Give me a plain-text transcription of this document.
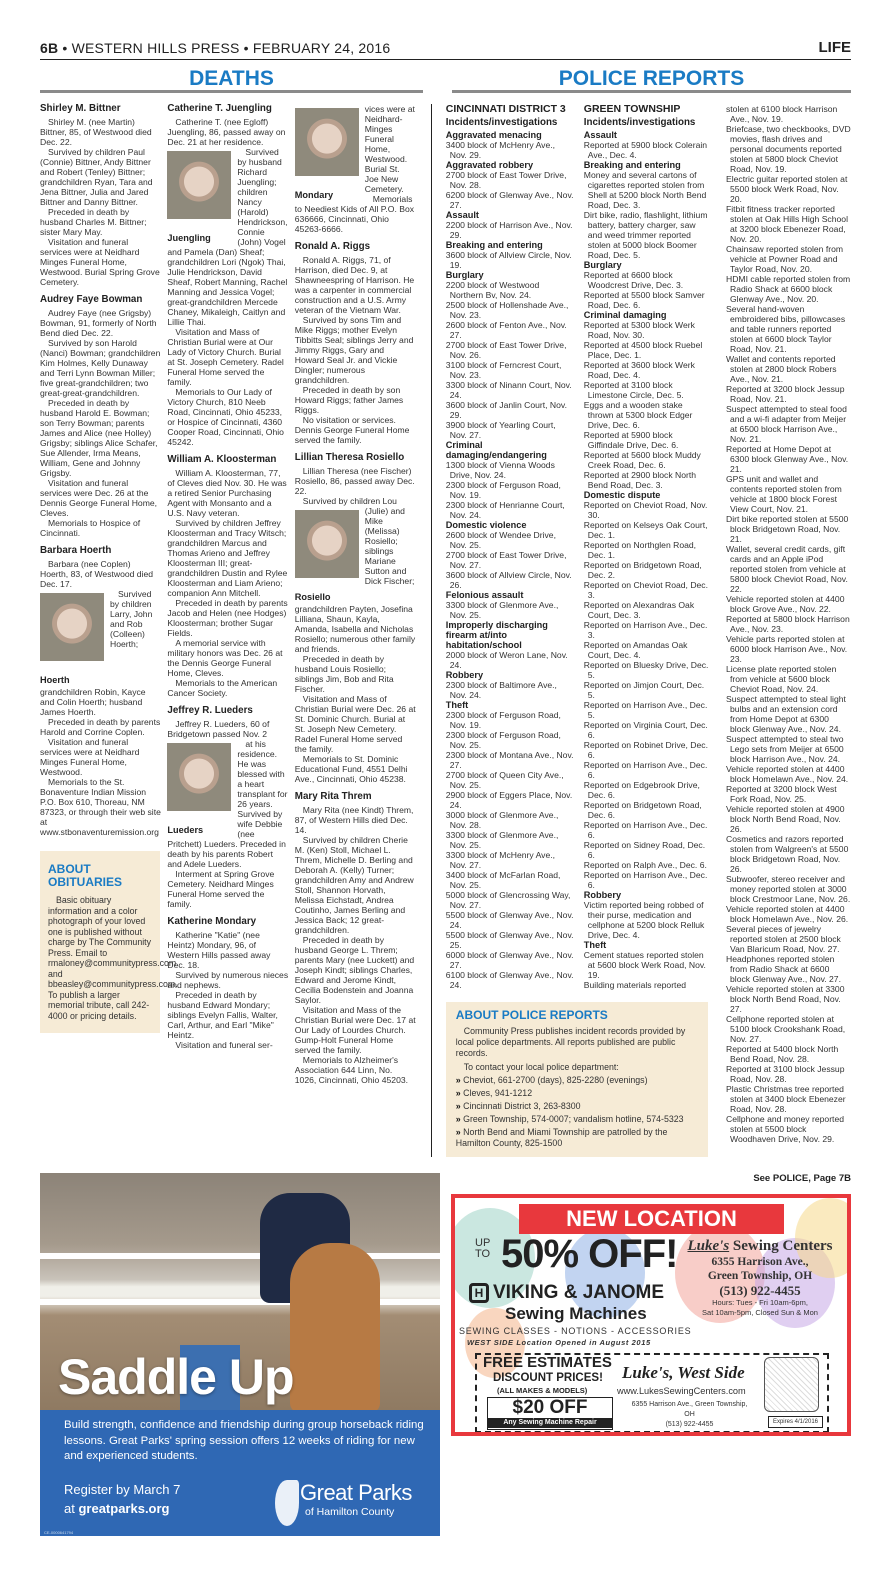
6B • WESTERN HILLS PRESS • FEBRUARY 24, 2016	LIFE
DEATHS	POLICE REPORTS
Shirley M. Bittner
Shirley M. (nee Martin) Bittner, 85, of Westwood died Dec. 22.
Survived by children Paul (Connie) Bittner, Andy Bittner and Robert (Tenley) Bittner; grandchildren Ryan, Tara and Jena Bittner, Julia and Jared Bittner and Danny Bittner.
Preceded in death by husband Charles M. Bittner; sister Mary May.
Visitation and funeral services were at Neidhard Minges Funeral Home, Westwood. Burial Spring Grove Cemetery.
Audrey Faye Bowman
Audrey Faye (nee Grigsby) Bowman, 91, formerly of North Bend died Dec. 22.
Survived by son Harold (Nanci) Bowman; grandchildren Kim Holmes, Kelly Dunaway and Terri Lynn Bowman Miller; five great-grandchildren; two great-great-grandchildren.
Preceded in death by husband Harold E. Bowman; son Terry Bowman; parents James and Alice (nee Holley) Grigsby; siblings Alice Schafer, Sue Allender, Irma Means, William, Gene and Johnny Grigsby.
Visitation and funeral services were Dec. 26 at the Dennis George Funeral Home, Cleves.
Memorials to Hospice of Cincinnati.
Barbara Hoerth
Barbara (nee Coplen) Hoerth, 83, of Westwood died Dec. 17.
Hoerth
Survived by children Larry, John and Rob (Colleen) Hoerth; grandchildren Robin, Kayce and Colin Hoerth; husband James Hoerth.
Preceded in death by parents Harold and Corrine Coplen.
Visitation and funeral services were at Neidhard Minges Funeral Home, Westwood.
Memorials to the St. Bonaventure Indian Mission P.O. Box 610, Thoreau, NM 87323, or through their web site at www.stbonaventuremission.org
ABOUT OBITUARIES
Basic obituary information and a color photograph of your loved one is published without charge by The Community Press. Email to rmaloney@communitypress.com and bbeasley@communitypress.com. To publish a larger memorial tribute, call 242-4000 or pricing details.
Catherine T. Juengling
Catherine T. (nee Egloff) Juengling, 86, passed away on Dec. 21 at her residence.
Juengling
Survived by husband Richard Juengling; children Nancy (Harold) Hendrickson, Connie (John) Vogel and Pamela (Dan) Sheaf; grandchildren Lori (Ngok) Thai, Julie Hendrickson, David Sheaf, Robert Manning, Rachel Manning and Jessica Vogel; great-grandchildren Mercede Chaney, Mikaleigh, Caitlyn and Lillie Thai.
Visitation and Mass of Christian Burial were at Our Lady of Victory Church. Burial at St. Joseph Cemetery. Radel Funeral Home served the family.
Memorials to Our Lady of Victory Church, 810 Neeb Road, Cincinnati, Ohio 45233, or Hospice of Cincinnati, 4360 Cooper Road, Cincinnati, Ohio 45242.
William A. Kloosterman
William A. Kloosterman, 77, of Cleves died Nov. 30. He was a retired Senior Purchasing Agent with Monsanto and a U.S. Navy veteran.
Survived by children Jeffrey Kloosterman and Tracy Witsch; grandchildren Marcus and Thomas Arieno and Jeffrey Kloosterman III; great-grandchildren Dustin and Rylee Kloosterman and Liam Arieno; companion Ann Mitchell.
Preceded in death by parents Jacob and Helen (nee Hodges) Kloosterman; brother Sugar Fields.
A memorial service with military honors was Dec. 26 at the Dennis George Funeral Home, Cleves.
Memorials to the American Cancer Society.
Jeffrey R. Lueders
Jeffrey R. Lueders, 60 of Bridgetown passed Nov. 2
Lueders
at his residence. He was blessed with a heart transplant for 26 years. Survived by wife Debbie (nee Pritchett) Lueders. Preceded in death by his parents Robert and Adele Lueders.
Interment at Spring Grove Cemetery. Neidhard Minges Funeral Home served the family.
Katherine Mondary
Katherine "Katie" (nee Heintz) Mondary, 96, of Western Hills passed away Dec. 18.
Survived by numerous nieces and nephews.
Preceded in death by husband Edward Mondary; siblings Evelyn Fallis, Walter, Carl, Arthur, and Earl "Mike" Heintz.
Visitation and funeral ser-
Mondary
vices were at Neidhard-Minges Funeral Home, Westwood. Burial St. Joe New Cemetery.
Memorials to Neediest Kids of All P.O. Box 636666, Cincinnati, Ohio 45263-6666.
Ronald A. Riggs
Ronald A. Riggs, 71, of Harrison, died Dec. 9, at Shawneespring of Harrison. He was a carpenter in commercial construction and a U.S. Army veteran of the Vietnam War.
Survived by sons Tim and Mike Riggs; mother Evelyn Tibbitts Seal; siblings Jerry and Jimmy Riggs, Gary and Howard Seal Jr. and Vickie Dingler; numerous grandchildren.
Preceded in death by son Howard Riggs; father James Riggs.
No visitation or services. Dennis George Funeral Home served the family.
Lillian Theresa Rosiello
Lillian Theresa (nee Fischer) Rosiello, 86, passed away Dec. 22.
Survived by children Lou
Rosiello
(Julie) and Mike (Melissa) Rosiello; siblings Mariane Sutton and Dick Fischer; grandchildren Payten, Josefina Lilliana, Shaun, Kayla, Amanda, Isabella and Nicholas Rosiello; numerous other family and friends.
Preceded in death by husband Louis Rosiello; siblings Jim, Bob and Rita Fischer.
Visitation and Mass of Christian Burial were Dec. 26 at St. Dominic Church. Burial at St. Joseph New Cemetery. Radel Funeral Home served the family.
Memorials to St. Dominic Educational Fund, 4551 Delhi Ave., Cincinnati, Ohio 45238.
Mary Rita Threm
Mary Rita (nee Kindt) Threm, 87, of Western Hills died Dec. 14.
Survived by children Cherie M. (Ken) Stoll, Michael L. Threm, Michelle D. Berling and Deborah A. (Kelly) Turner; grandchildren Amy and Andrew Stoll, Shannon Horvath, Melissa Eichstadt, Andrea Coutinho, James Berling and Jessica Back; 12 great-grandchildren.
Preceded in death by husband George L. Threm; parents Mary (nee Luckett) and Joseph Kindt; siblings Charles, Edward and Jerome Kindt, Cecilia Bodenstein and Joanna Saylor.
Visitation and Mass of the Christian Burial were Dec. 17 at Our Lady of Lourdes Church. Gump-Holt Funeral Home served the family.
Memorials to Alzheimer's Association 644 Linn, No. 1026, Cincinnati, Ohio 45203.
CINCINNATI DISTRICT 3
Incidents/investigations
Aggravated menacing
3400 block of McHenry Ave., Nov. 29.
Aggravated robbery
2700 block of East Tower Drive, Nov. 28.
6200 block of Glenway Ave., Nov. 27.
Assault
2200 block of Harrison Ave., Nov. 29.
Breaking and entering
3600 block of Allview Circle, Nov. 19.
Burglary
2200 block of Westwood Northern Bv, Nov. 24.
2500 block of Hollenshade Ave., Nov. 23.
2600 block of Fenton Ave., Nov. 27.
2700 block of East Tower Drive, Nov. 26.
3100 block of Ferncrest Court, Nov. 23.
3300 block of Ninann Court, Nov. 24.
3600 block of Janlin Court, Nov. 29.
3900 block of Yearling Court, Nov. 27.
Criminal damaging/endangering
1300 block of Vienna Woods Drive, Nov. 24.
2300 block of Ferguson Road, Nov. 19.
2300 block of Henrianne Court, Nov. 24.
Domestic violence
2600 block of Wendee Drive, Nov. 25.
2700 block of East Tower Drive, Nov. 27.
3600 block of Allview Circle, Nov. 26.
Felonious assault
3300 block of Glenmore Ave., Nov. 25.
Improperly discharging firearm at/into habitation/school
2000 block of Weron Lane, Nov. 24.
Robbery
2300 block of Baltimore Ave., Nov. 24.
Theft
2300 block of Ferguson Road, Nov. 19.
2300 block of Ferguson Road, Nov. 25.
2300 block of Montana Ave., Nov. 27.
2700 block of Queen City Ave., Nov. 25.
2900 block of Eggers Place, Nov. 24.
3000 block of Glenmore Ave., Nov. 28.
3300 block of Glenmore Ave., Nov. 25.
3300 block of McHenry Ave., Nov. 27.
3400 block of McFarlan Road, Nov. 25.
5000 block of Glencrossing Way, Nov. 27.
5500 block of Glenway Ave., Nov. 24.
5500 block of Glenway Ave., Nov. 25.
6000 block of Glenway Ave., Nov. 27.
6100 block of Glenway Ave., Nov. 24.
GREEN TOWNSHIP
Incidents/investigations
Assault
Reported at 5900 block Colerain Ave., Dec. 4.
Breaking and entering
Money and several cartons of cigarettes reported stolen from Shell at 5200 block North Bend Road, Dec. 3.
Dirt bike, radio, flashlight, lithium battery, battery charger, saw and weed trimmer reported stolen at 5000 block Boomer Road, Dec. 5.
Burglary
Reported at 6600 block Woodcrest Drive, Dec. 3.
Reported at 5500 block Samver Road, Dec. 6.
Criminal damaging
Reported at 5300 block Werk Road, Nov. 30.
Reported at 4500 block Ruebel Place, Dec. 1.
Reported at 3600 block Werk Road, Dec. 4.
Reported at 3100 block Limestone Circle, Dec. 5.
Eggs and a wooden stake thrown at 5300 block Edger Drive, Dec. 6.
Reported at 5900 block Giffindale Drive, Dec. 6.
Reported at 5600 block Muddy Creek Road, Dec. 6.
Reported at 2900 block North Bend Road, Dec. 3.
Domestic dispute
Reported on Cheviot Road, Nov. 30.
Reported on Kelseys Oak Court, Dec. 1.
Reported on Northglen Road, Dec. 1.
Reported on Bridgetown Road, Dec. 2.
Reported on Cheviot Road, Dec. 3.
Reported on Alexandras Oak Court, Dec. 3.
Reported on Harrison Ave., Dec. 3.
Reported on Amandas Oak Court, Dec. 4.
Reported on Bluesky Drive, Dec. 5.
Reported on Jimjon Court, Dec. 5.
Reported on Harrison Ave., Dec. 5.
Reported on Virginia Court, Dec. 6.
Reported on Robinet Drive, Dec. 6.
Reported on Harrison Ave., Dec. 6.
Reported on Edgebrook Drive, Dec. 6.
Reported on Bridgetown Road, Dec. 6.
Reported on Harrison Ave., Dec. 6.
Reported on Sidney Road, Dec. 6.
Reported on Ralph Ave., Dec. 6.
Reported on Harrison Ave., Dec. 6.
Robbery
Victim reported being robbed of their purse, medication and cellphone at 5200 block Relluk Drive, Dec. 4.
Theft
Cement statues reported stolen at 5600 block Werk Road, Nov. 19.
Building materials reported
ABOUT POLICE REPORTS
Community Press publishes incident records provided by local police departments. All reports published are public records.
To contact your local police department:
» Cheviot, 661-2700 (days), 825-2280 (evenings)
» Cleves, 941-1212
» Cincinnati District 3, 263-8300
» Green Township, 574-0007; vandalism hotline, 574-5323
» North Bend and Miami Township are patrolled by the Hamilton County, 825-1500
stolen at 6100 block Harrison Ave., Nov. 19.
Briefcase, two checkbooks, DVD movies, flash drives and personal documents reported stolen at 5800 block Cheviot Road, Nov. 19.
Electric guitar reported stolen at 5500 block Werk Road, Nov. 20.
Fitbit fitness tracker reported stolen at Oak Hills High School at 3200 block Ebenezer Road, Nov. 20.
Chainsaw reported stolen from vehicle at Powner Road and Taylor Road, Nov. 20.
HDMI cable reported stolen from Radio Shack at 6600 block Glenway Ave., Nov. 20.
Several hand-woven embroidered bibs, pillowcases and table runners reported stolen at 6600 block Taylor Road, Nov. 21.
Wallet and contents reported stolen at 2800 block Robers Ave., Nov. 21.
Reported at 3200 block Jessup Road, Nov. 21.
Suspect attempted to steal food and a wi-fi adapter from Meijer at 6500 block Harrison Ave., Nov. 21.
Reported at Home Depot at 6300 block Glenway Ave., Nov. 21.
GPS unit and wallet and contents reported stolen from vehicle at 1800 block Forest View Court, Nov. 21.
Dirt bike reported stolen at 5500 block Bridgetown Road, Nov. 21.
Wallet, several credit cards, gift cards and an Apple iPod reported stolen from vehicle at 5800 block Cheviot Road, Nov. 22.
Vehicle reported stolen at 4400 block Grove Ave., Nov. 22.
Reported at 5800 block Harrison Ave., Nov. 23.
Vehicle parts reported stolen at 6000 block Harrison Ave., Nov. 23.
License plate reported stolen from vehicle at 5600 block Cheviot Road, Nov. 24.
Suspect attempted to steal light bulbs and an extension cord from Home Depot at 6300 block Glenway Ave., Nov. 24.
Suspect attempted to steal two Lego sets from Meijer at 6500 block Harrison Ave., Nov. 24.
Vehicle reported stolen at 4400 block Homelawn Ave., Nov. 24.
Reported at 3200 block West Fork Road, Nov. 25.
Vehicle reported stolen at 4900 block North Bend Road, Nov. 26.
Cosmetics and razors reported stolen from Walgreen's at 5500 block Bridgetown Road, Nov. 26.
Subwoofer, stereo receiver and money reported stolen at 3000 block Crestmoor Lane, Nov. 26.
Vehicle reported stolen at 4400 block Homelawn Ave., Nov. 26.
Several pieces of jewelry reported stolen at 2500 block Van Blaricum Road, Nov. 27.
Headphones reported stolen from Radio Shack at 6600 block Glenway Ave., Nov. 27.
Vehicle reported stolen at 3300 block North Bend Road, Nov. 27.
Cellphone reported stolen at 5100 block Crookshank Road, Nov. 27.
Reported at 5400 block North Bend Road, Nov. 28.
Reported at 3100 block Jessup Road, Nov. 28.
Plastic Christmas tree reported stolen at 3400 block Ebenezer Road, Nov. 28.
Cellphone and money reported stolen at 5500 block Woodhaven Drive, Nov. 29.
Saddle Up
Build strength, confidence and friendship during group horseback riding lessons. Great Parks' spring session offers 12 weeks of riding for new and experienced students.
Register by March 7
at greatparks.org
Great Parks
of Hamilton County
CE-0000641794
See POLICE, Page 7B
NEW LOCATION
UP TO 50% OFF!
H VIKING & JANOME
Sewing Machines
SEWING CLASSES - NOTIONS - ACCESSORIES
WEST SIDE Location Opened in August 2015
Luke's Sewing Centers
6355 Harrison Ave.,
Green Township, OH
(513) 922-4455
Hours: Tues - Fri 10am-6pm,
Sat 10am-5pm, Closed Sun & Mon
FREE ESTIMATES
DISCOUNT PRICES!
(ALL MAKES & MODELS)
$20 OFF
Any Sewing Machine Repair
Luke's, West Side
www.LukesSewingCenters.com
6355 Harrison Ave., Green Township, OH
(513) 922-4455	Expires 4/1/2016
